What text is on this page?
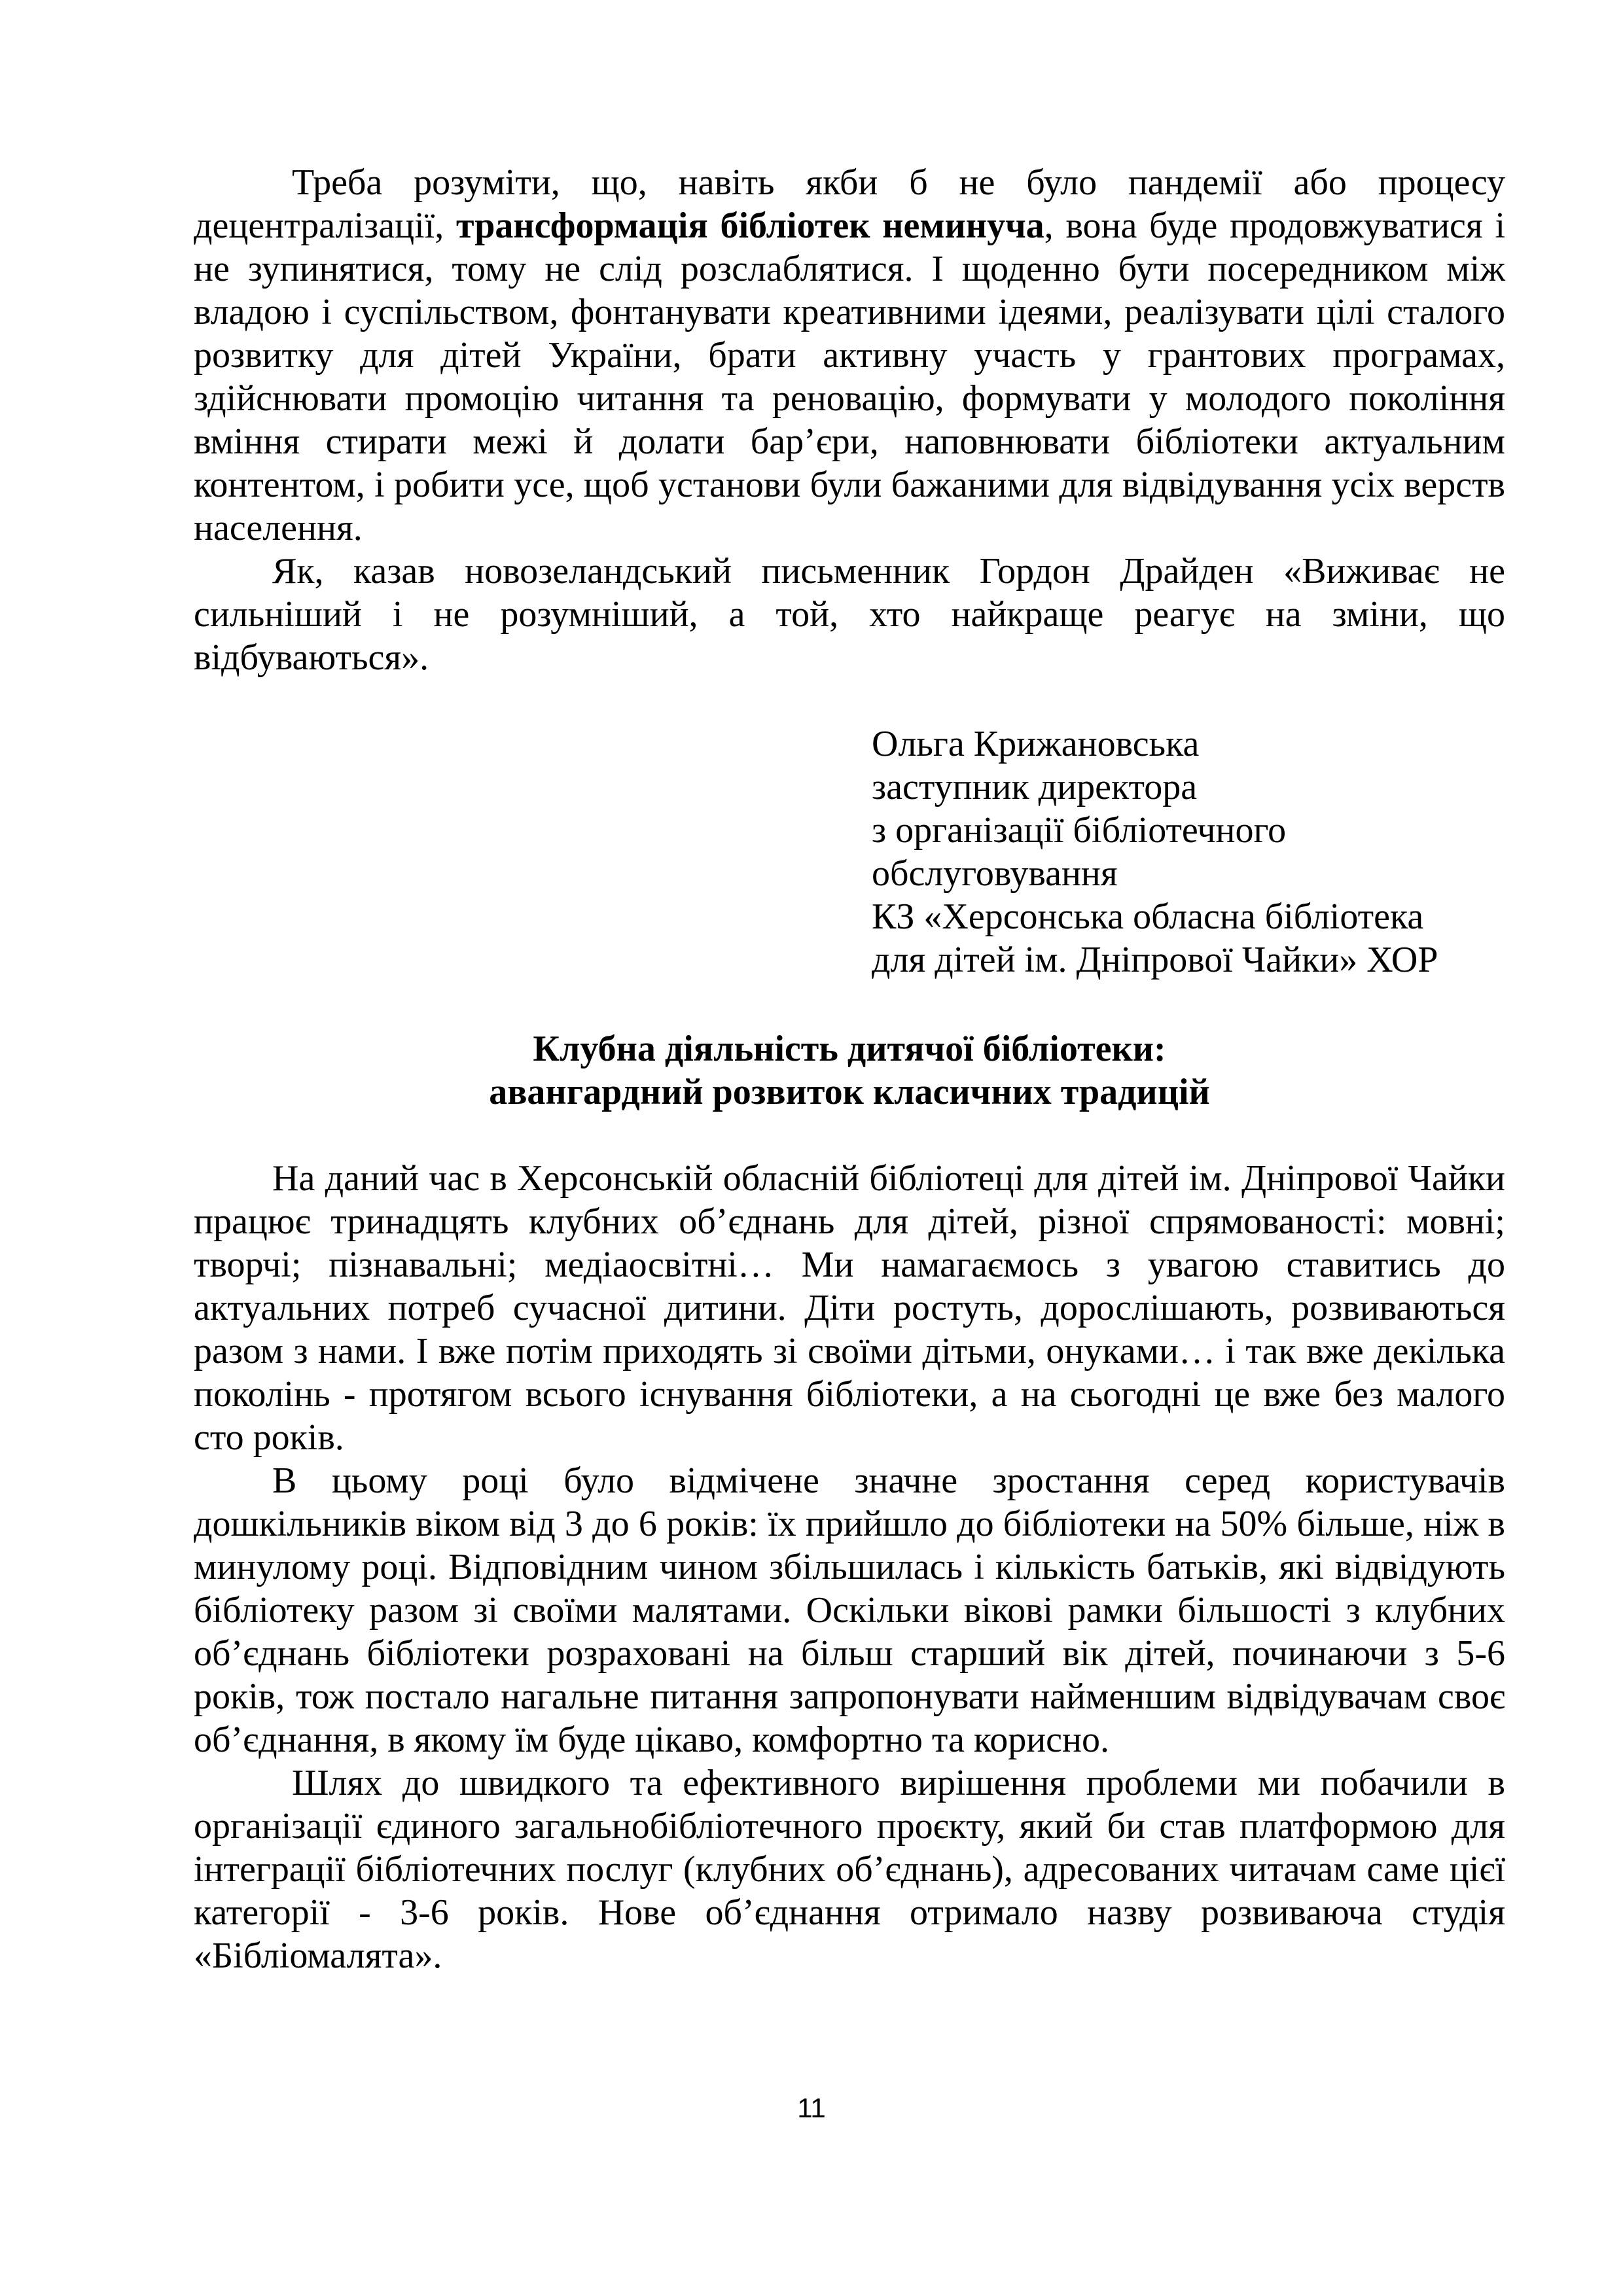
Треба розуміти, що, навіть якби б не було пандемії або процесу децентралізації, трансформація бібліотек неминуча, вона буде продовжуватися і не зупинятися, тому не слід розслаблятися. І щоденно бути посередником між владою і суспільством, фонтанувати креативними ідеями, реалізувати цілі сталого розвитку для дітей України, брати активну участь у грантових програмах, здійснювати промоцію читання та реновацію, формувати у молодого покоління вміння стирати межі й долати бар’єри, наповнювати бібліотеки актуальним контентом, і робити усе, щоб установи були бажаними для відвідування усіх верств населення.

Як, казав новозеландський письменник Гордон Драйден «Виживає не сильніший і не розумніший, а той, хто найкраще реагує на зміни, що відбуваються».

Ольга Крижановська
заступник директора
з організації бібліотечного
обслуговування
КЗ «Херсонська обласна бібліотека
для дітей ім. Дніпрової Чайки» ХОР
Клубна діяльність дитячої бібліотеки:
авангардний розвиток класичних традицій

На даний час в Херсонській обласній бібліотеці для дітей ім. Дніпрової Чайки працює тринадцять клубних об’єднань для дітей, різної спрямованості: мовні; творчі; пізнавальні; медіаосвітні… Ми намагаємось з увагою ставитись до актуальних потреб сучасної дитини. Діти ростуть, дорослішають, розвиваються разом з нами. І вже потім приходять зі своїми дітьми, онуками… і так вже декілька поколінь - протягом всього існування бібліотеки, а на сьогодні це вже без малого сто років.

В цьому році було відмічене значне зростання серед користувачів дошкільників віком від 3 до 6 років: їх прийшло до бібліотеки на 50% більше, ніж в минулому році. Відповідним чином збільшилась і кількість батьків, які відвідують бібліотеку разом зі своїми малятами. Оскільки вікові рамки більшості з клубних об’єднань бібліотеки розраховані на більш старший вік дітей, починаючи з 5-6 років, тож постало нагальне питання запропонувати найменшим відвідувачам своє об’єднання, в якому їм буде цікаво, комфортно та корисно.

Шлях до швидкого та ефективного вирішення проблеми ми побачили в організації єдиного загальнобібліотечного проєкту, який би став платформою для інтеграції бібліотечних послуг (клубних об’єднань), адресованих читачам саме цієї категорії - 3-6 років. Нове об’єднання отримало назву розвиваюча студія «Бібліомалята».

11
